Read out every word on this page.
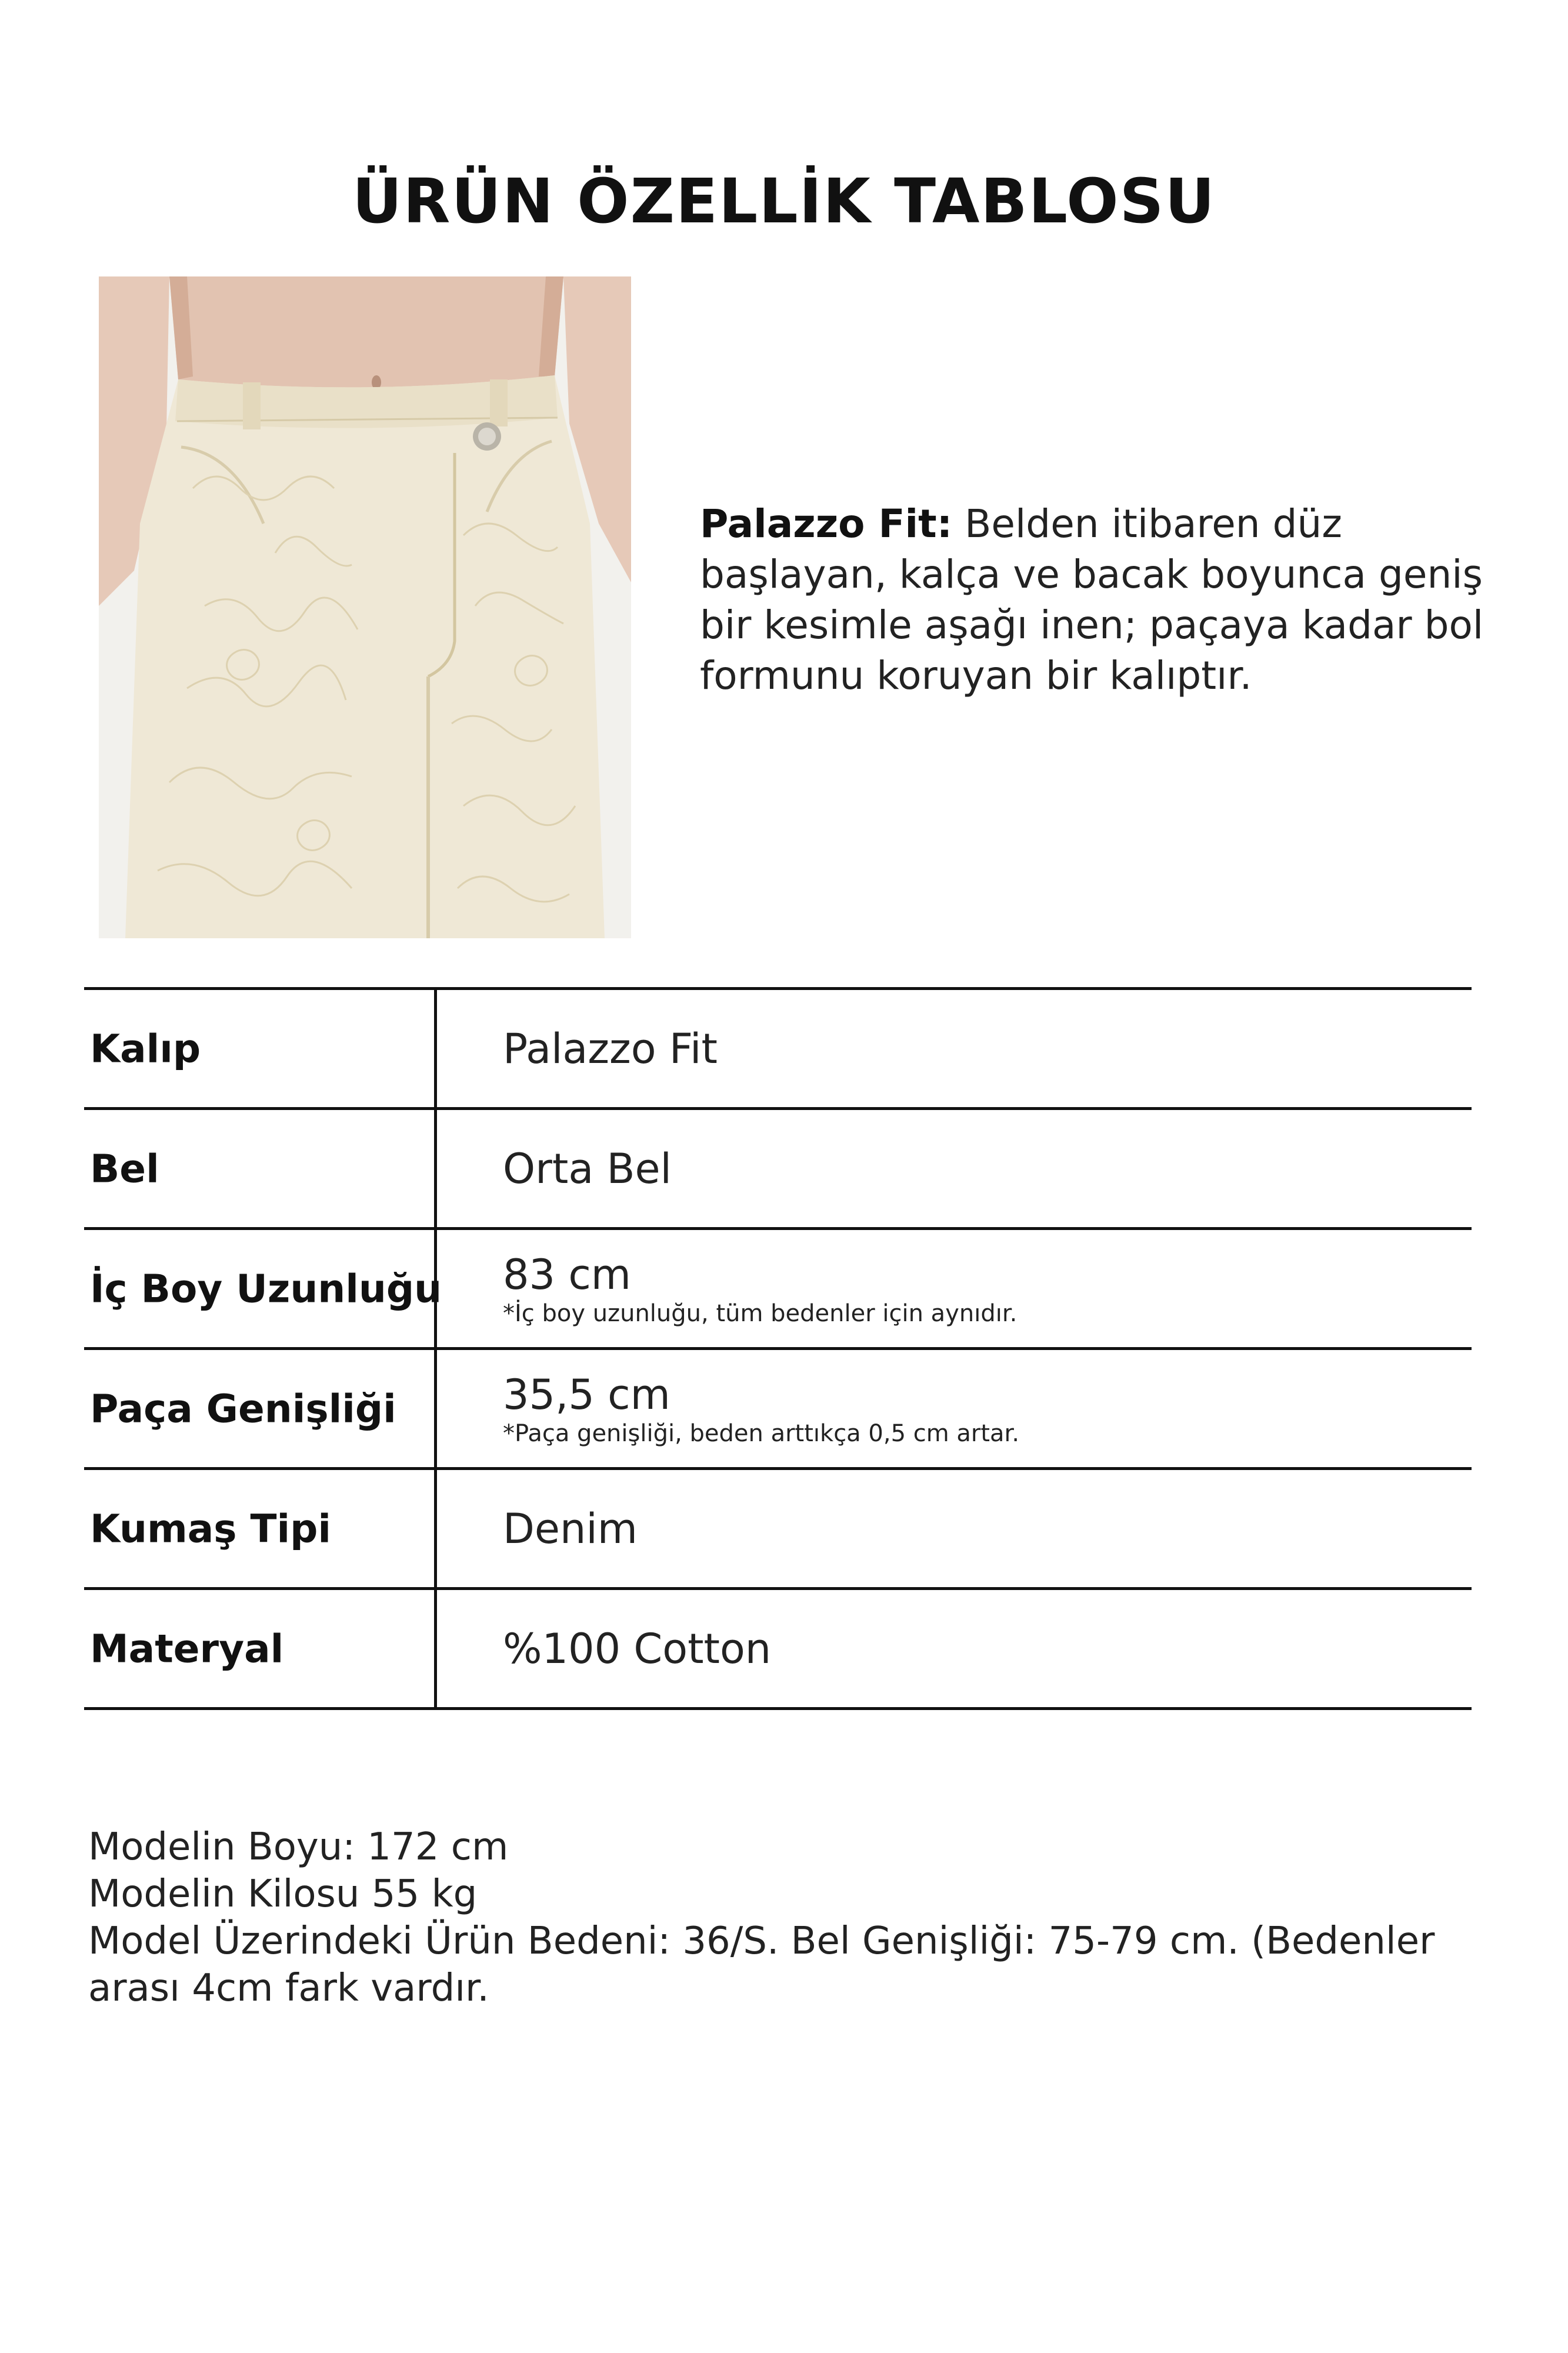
ÜRÜN ÖZELLİK TABLOSU
Palazzo Fit: Belden itibaren düz başlayan, kalça ve bacak boyunca geniş bir kesimle aşağı inen; paçaya kadar bol formunu koruyan bir kalıptır.
Kalıp	Palazzo Fit
Bel	Orta Bel
İç Boy Uzunluğu 83 cm
*İç boy uzunluğu, tüm bedenler için aynıdır.
Paça Genişliği	35,5 cm
*Paça genişliği, beden arttıkça 0,5 cm artar.
Kumaş Tipi	Denim
Materyal	%100 Cotton
Modelin Boyu: 172 cm
Modelin Kilosu 55 kg
Model Üzerindeki Ürün Bedeni: 36/S. Bel Genişliği: 75-79 cm. (Bedenler
arası 4cm fark vardır.
